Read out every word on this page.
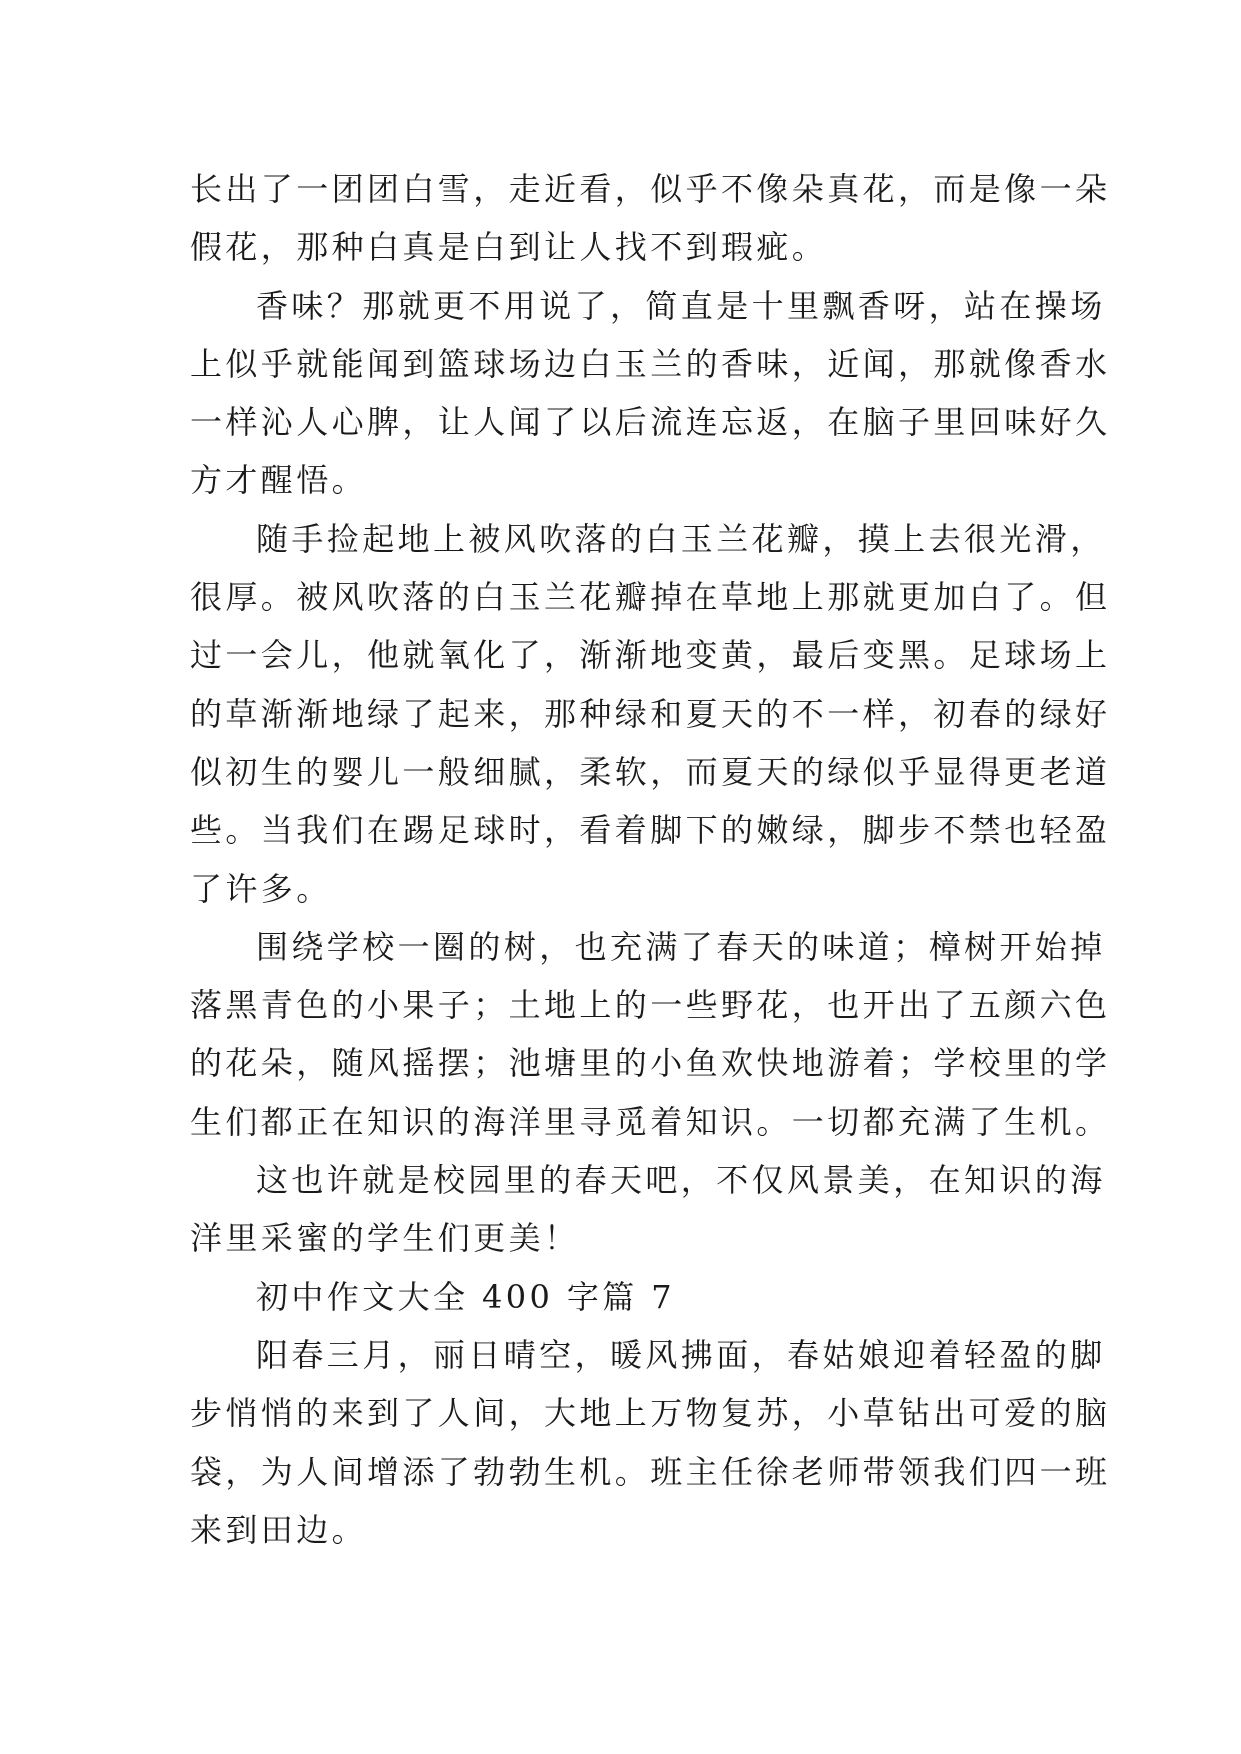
长出了一团团白雪，走近看，似乎不像朵真花，而是像一朵
假花，那种白真是白到让人找不到瑕疵。
香味？那就更不用说了，简直是十里飘香呀，站在操场
上似乎就能闻到篮球场边白玉兰的香味，近闻，那就像香水
一样沁人心脾，让人闻了以后流连忘返，在脑子里回味好久
方才醒悟。
随手捡起地上被风吹落的白玉兰花瓣，摸上去很光滑，
很厚。被风吹落的白玉兰花瓣掉在草地上那就更加白了。但
过一会儿，他就氧化了，渐渐地变黄，最后变黑。足球场上
的草渐渐地绿了起来，那种绿和夏天的不一样，初春的绿好
似初生的婴儿一般细腻，柔软，而夏天的绿似乎显得更老道
些。当我们在踢足球时，看着脚下的嫩绿，脚步不禁也轻盈
了许多。
围绕学校一圈的树，也充满了春天的味道；樟树开始掉
落黑青色的小果子；土地上的一些野花，也开出了五颜六色
的花朵，随风摇摆；池塘里的小鱼欢快地游着；学校里的学
生们都正在知识的海洋里寻觅着知识。一切都充满了生机。
这也许就是校园里的春天吧，不仅风景美，在知识的海
洋里采蜜的学生们更美！
初中作文大全 400 字篇 7
阳春三月，丽日晴空，暖风拂面，春姑娘迎着轻盈的脚
步悄悄的来到了人间，大地上万物复苏，小草钻出可爱的脑
袋，为人间增添了勃勃生机。班主任徐老师带领我们四一班
来到田边。
